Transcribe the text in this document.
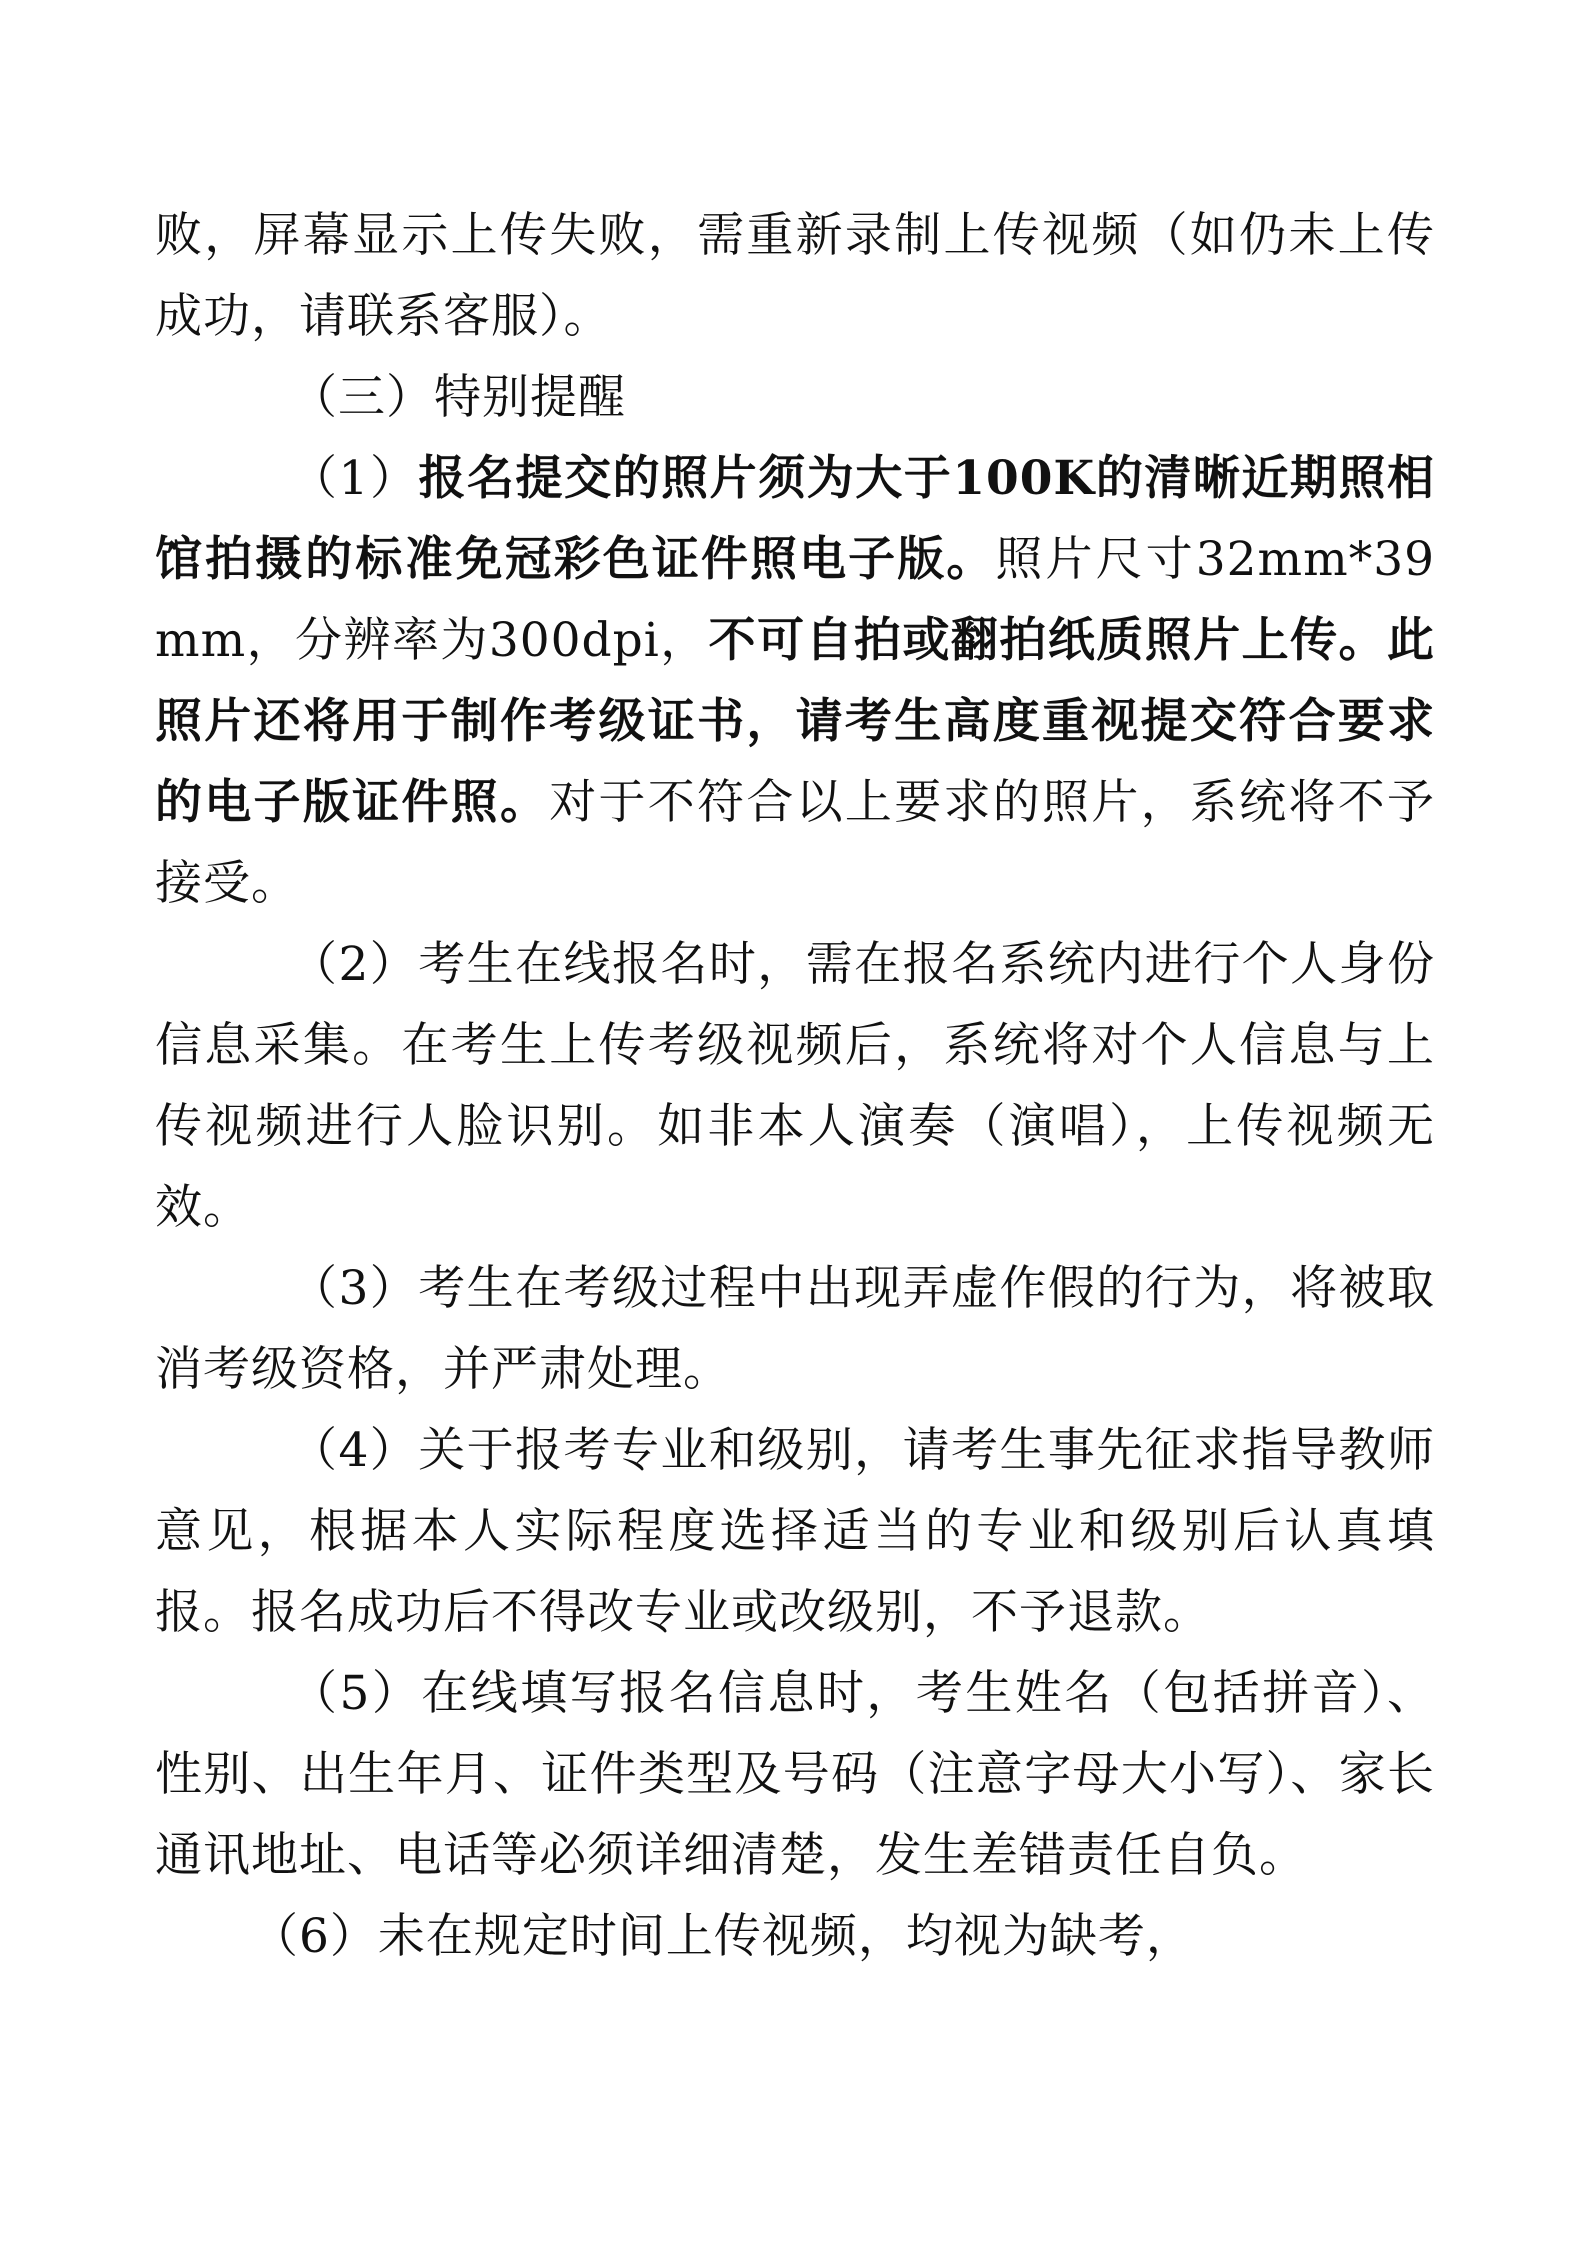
败，屏幕显示上传失败，需重新录制上传视频（如仍未上传成功，请联系客服）。

（三）特别提醒

（1）报名提交的照片须为大于100K的清晰近期照相馆拍摄的标准免冠彩色证件照电子版。照片尺寸32mm*39mm，分辨率为300dpi，不可自拍或翻拍纸质照片上传。此照片还将用于制作考级证书，请考生高度重视提交符合要求的电子版证件照。对于不符合以上要求的照片，系统将不予接受。

（2）考生在线报名时，需在报名系统内进行个人身份信息采集。在考生上传考级视频后，系统将对个人信息与上传视频进行人脸识别。如非本人演奏（演唱），上传视频无效。

（3）考生在考级过程中出现弄虚作假的行为，将被取消考级资格，并严肃处理。

（4）关于报考专业和级别，请考生事先征求指导教师意见，根据本人实际程度选择适当的专业和级别后认真填报。报名成功后不得改专业或改级别，不予退款。

（5）在线填写报名信息时，考生姓名（包括拼音）、性别、出生年月、证件类型及号码（注意字母大小写）、家长通讯地址、电话等必须详细清楚，发生差错责任自负。

（6）未在规定时间上传视频，均视为缺考，
